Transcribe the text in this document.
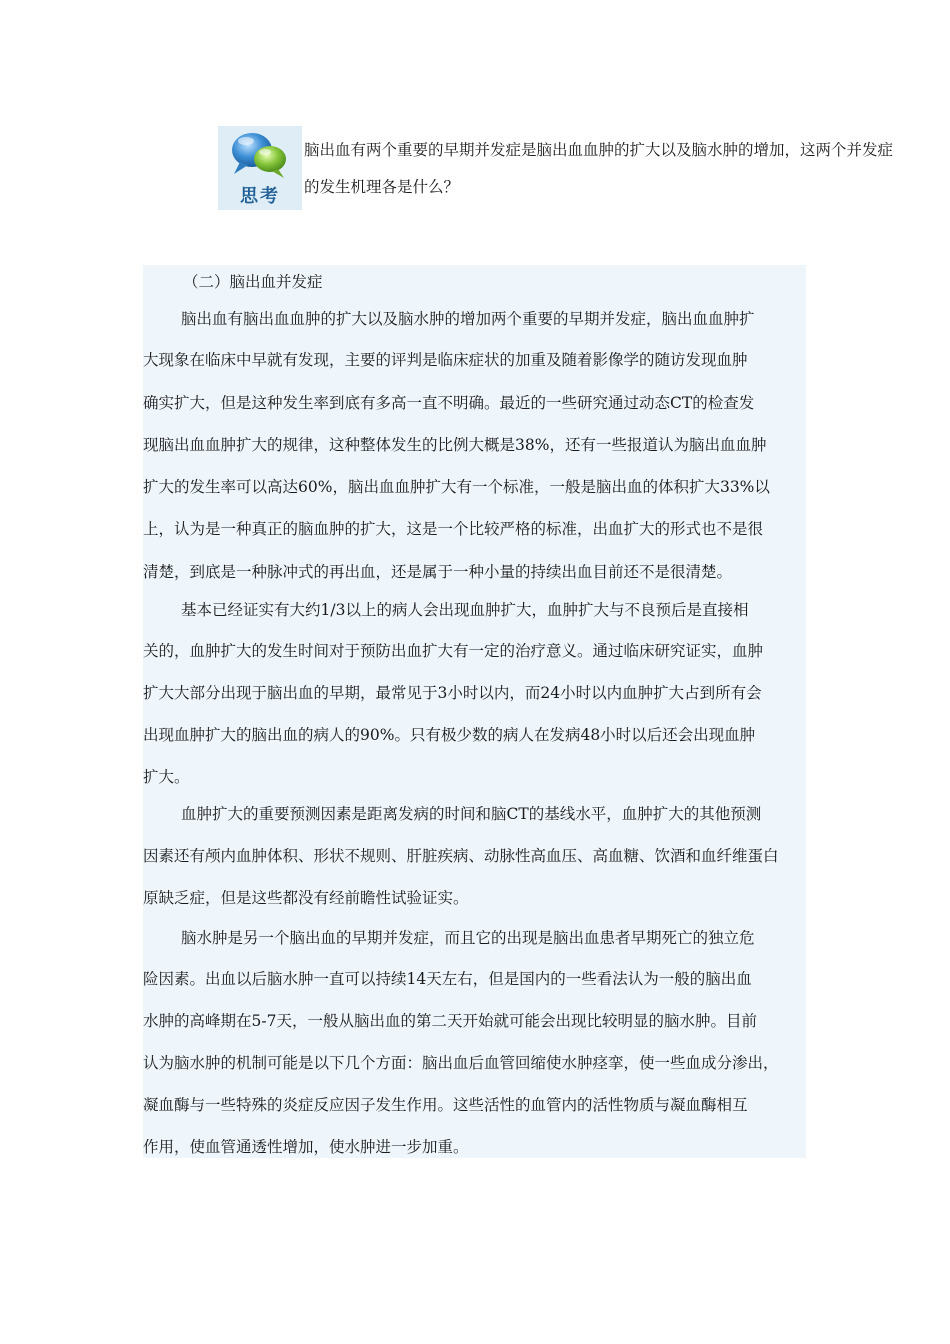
思考
脑出血有两个重要的早期并发症是脑出血血肿的扩大以及脑水肿的增加，这两个并发症的发生机理各是什么？
（二）脑出血并发症
脑出血有脑出血血肿的扩大以及脑水肿的增加两个重要的早期并发症，脑出血血肿扩
大现象在临床中早就有发现，主要的评判是临床症状的加重及随着影像学的随访发现血肿
确实扩大，但是这种发生率到底有多高一直不明确。最近的一些研究通过动态CT的检查发
现脑出血血肿扩大的规律，这种整体发生的比例大概是38%，还有一些报道认为脑出血血肿
扩大的发生率可以高达60%，脑出血血肿扩大有一个标准，一般是脑出血的体积扩大33%以
上，认为是一种真正的脑血肿的扩大，这是一个比较严格的标准，出血扩大的形式也不是很
清楚，到底是一种脉冲式的再出血，还是属于一种小量的持续出血目前还不是很清楚。
基本已经证实有大约1/3以上的病人会出现血肿扩大，血肿扩大与不良预后是直接相
关的，血肿扩大的发生时间对于预防出血扩大有一定的治疗意义。通过临床研究证实，血肿
扩大大部分出现于脑出血的早期，最常见于3小时以内，而24小时以内血肿扩大占到所有会
出现血肿扩大的脑出血的病人的90%。只有极少数的病人在发病48小时以后还会出现血肿
扩大。
血肿扩大的重要预测因素是距离发病的时间和脑CT的基线水平，血肿扩大的其他预测
因素还有颅内血肿体积、形状不规则、肝脏疾病、动脉性高血压、高血糖、饮酒和血纤维蛋白
原缺乏症，但是这些都没有经前瞻性试验证实。
脑水肿是另一个脑出血的早期并发症，而且它的出现是脑出血患者早期死亡的独立危
险因素。出血以后脑水肿一直可以持续14天左右，但是国内的一些看法认为一般的脑出血
水肿的高峰期在5-7天，一般从脑出血的第二天开始就可能会出现比较明显的脑水肿。目前
认为脑水肿的机制可能是以下几个方面：脑出血后血管回缩使水肿痉挛，使一些血成分渗出，
凝血酶与一些特殊的炎症反应因子发生作用。这些活性的血管内的活性物质与凝血酶相互
作用，使血管通透性增加，使水肿进一步加重。
